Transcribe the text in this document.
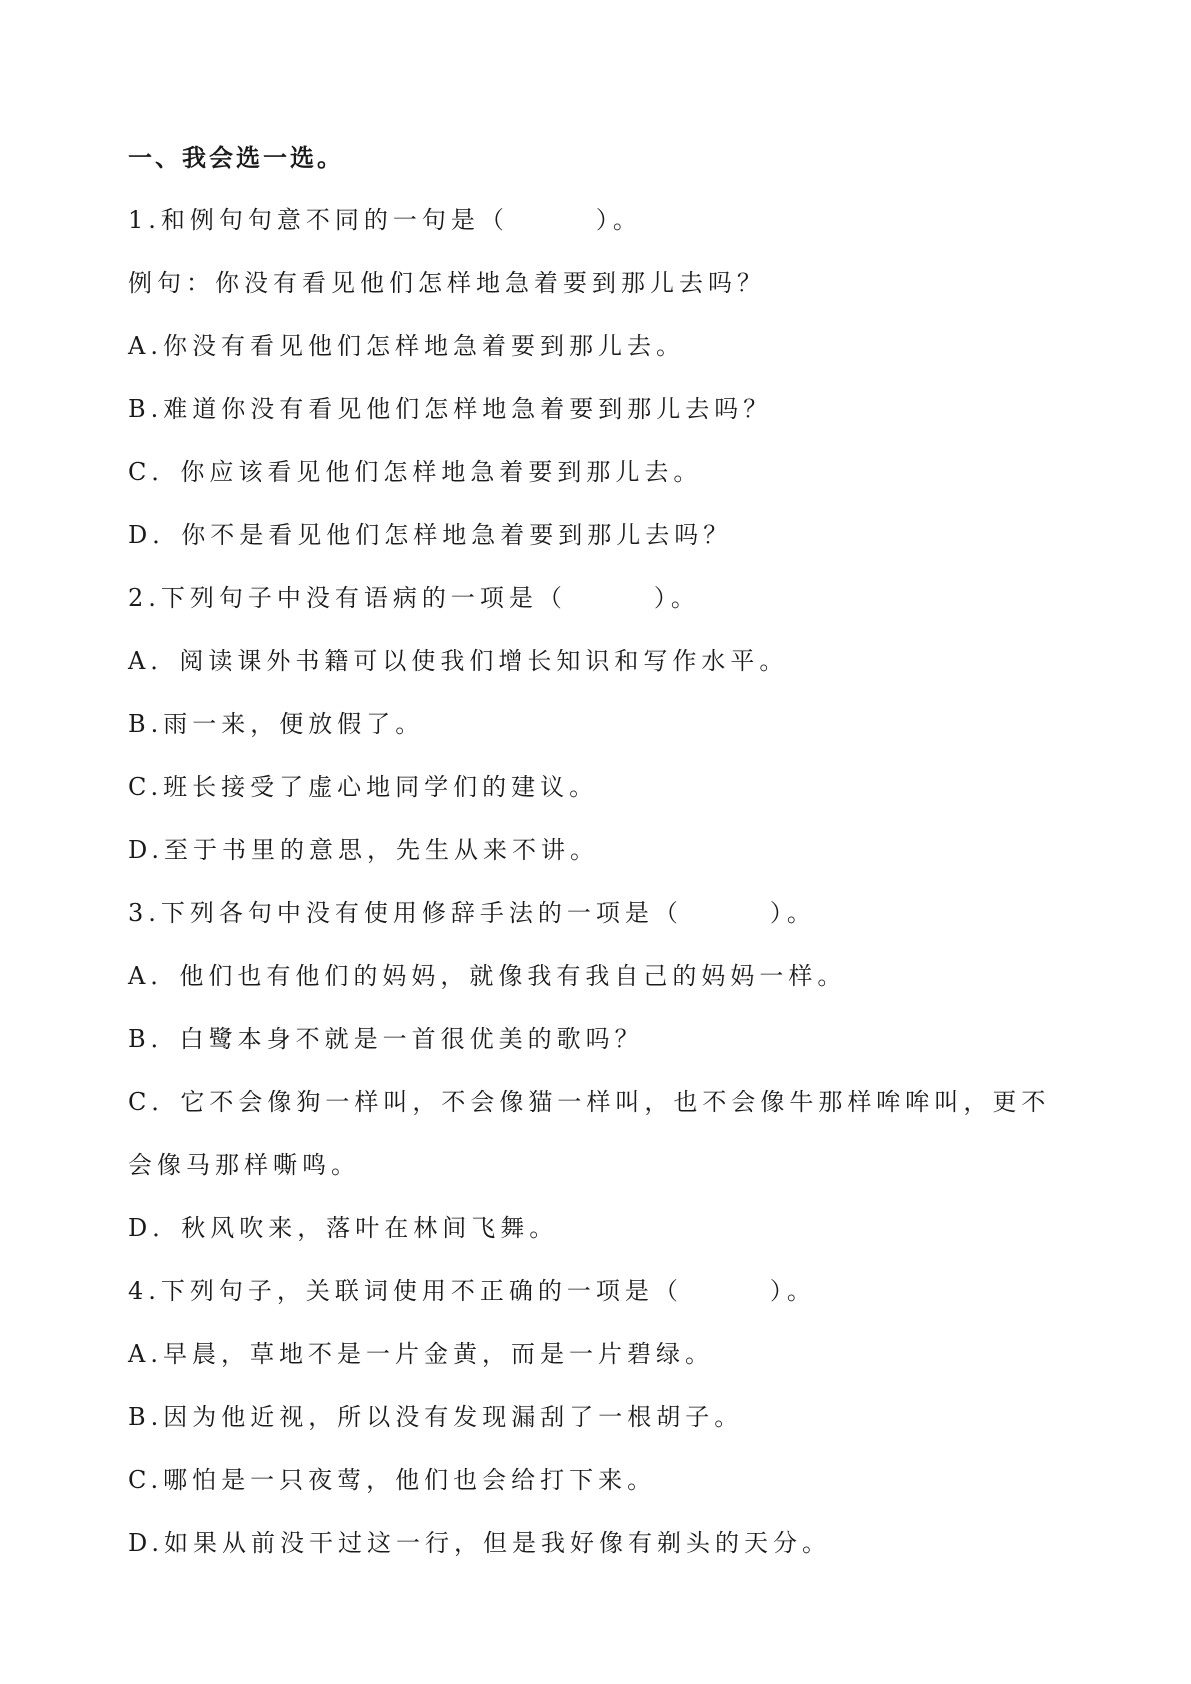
一、我会选一选。
1.和例句句意不同的一句是（　　　）。
例句：你没有看见他们怎样地急着要到那儿去吗？
A.你没有看见他们怎样地急着要到那儿去。
B.难道你没有看见他们怎样地急着要到那儿去吗？
C．你应该看见他们怎样地急着要到那儿去。
D．你不是看见他们怎样地急着要到那儿去吗？
2.下列句子中没有语病的一项是（　　　）。
A．阅读课外书籍可以使我们增长知识和写作水平。
B.雨一来，便放假了。
C.班长接受了虚心地同学们的建议。
D.至于书里的意思，先生从来不讲。
3.下列各句中没有使用修辞手法的一项是（　　　）。
A．他们也有他们的妈妈，就像我有我自己的妈妈一样。
B．白鹭本身不就是一首很优美的歌吗？
C．它不会像狗一样叫，不会像猫一样叫，也不会像牛那样哞哞叫，更不
会像马那样嘶鸣。
D．秋风吹来，落叶在林间飞舞。
4.下列句子，关联词使用不正确的一项是（　　　）。
A.早晨，草地不是一片金黄，而是一片碧绿。
B.因为他近视，所以没有发现漏刮了一根胡子。
C.哪怕是一只夜莺，他们也会给打下来。
D.如果从前没干过这一行，但是我好像有剃头的天分。
